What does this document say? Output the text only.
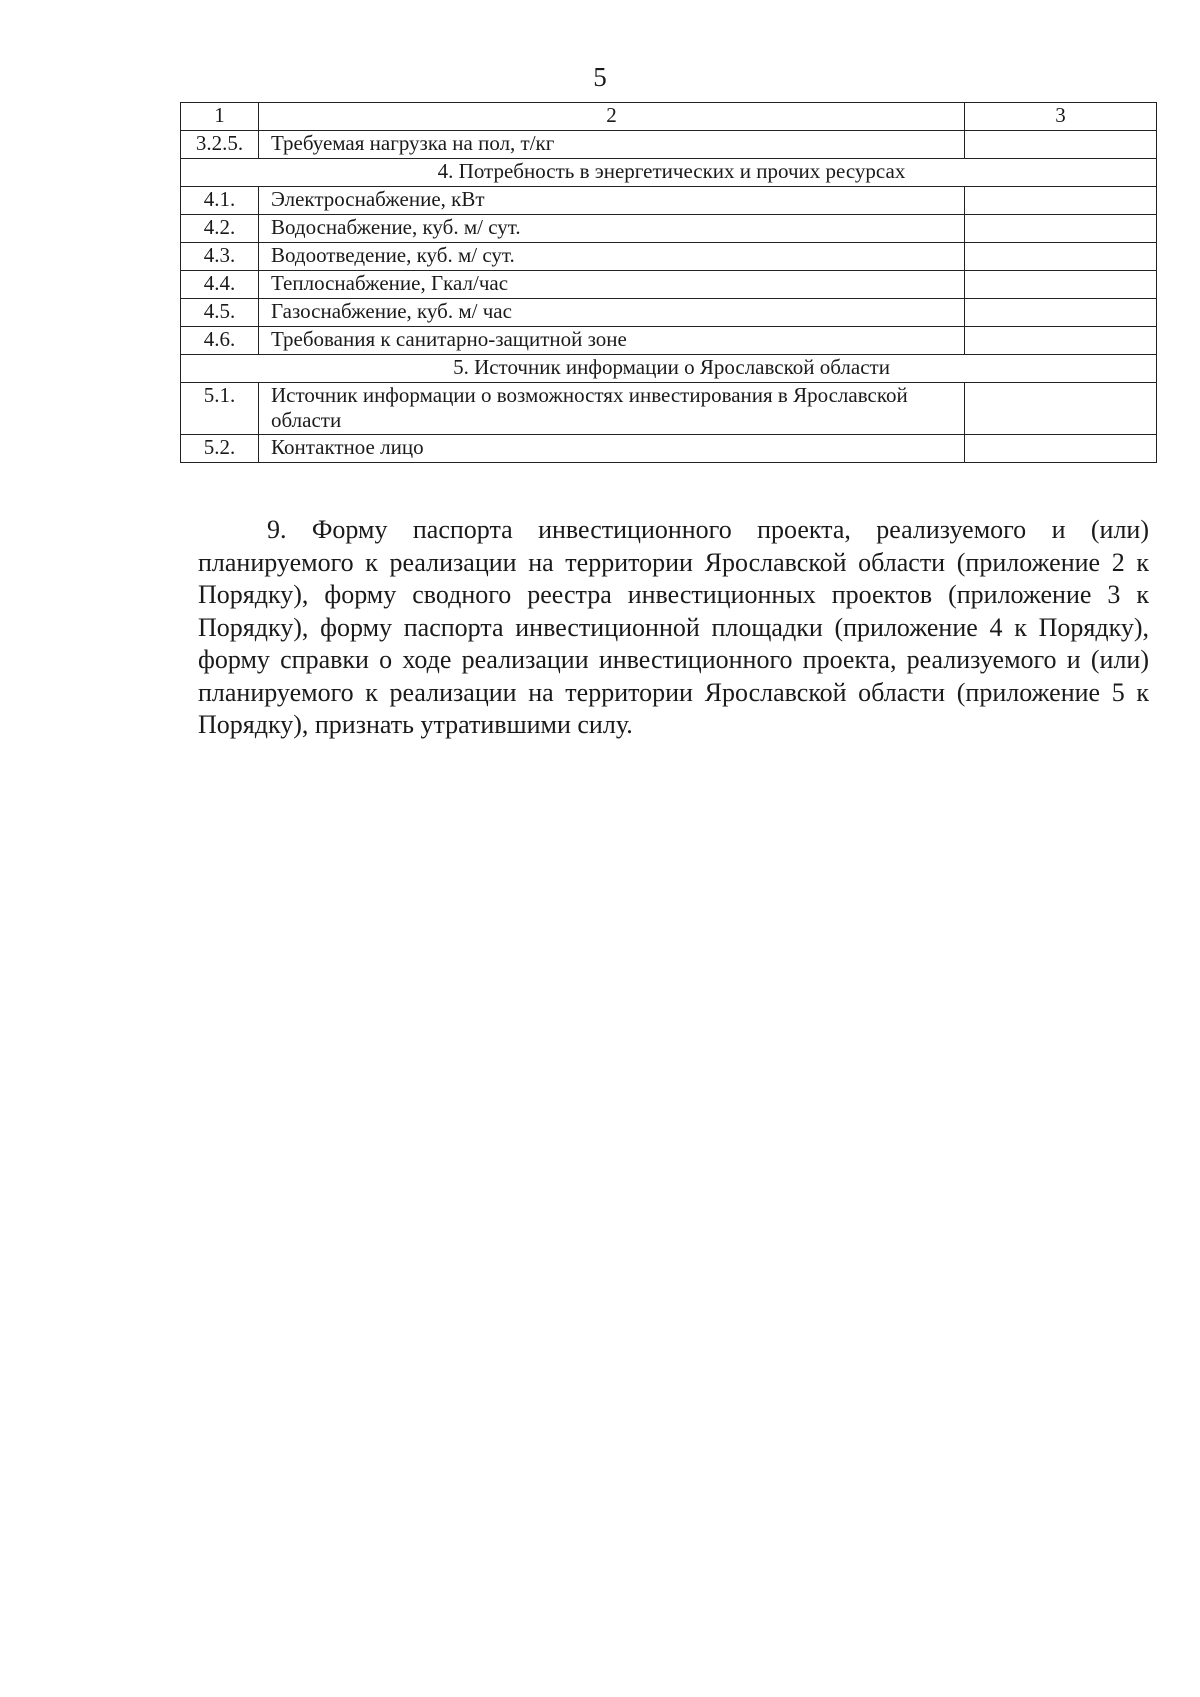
5
1	2	3
3.2.5.	Требуемая нагрузка на пол, т/кг	
4. Потребность в энергетических и прочих ресурсах		
4.1.	Электроснабжение, кВт	
4.2.	Водоснабжение, куб. м/ сут.	
4.3.	Водоотведение, куб. м/ сут.	
4.4.	Теплоснабжение, Гкал/час	
4.5.	Газоснабжение, куб. м/ час	
4.6.	Требования к санитарно-защитной зоне	
5. Источник информации о Ярославской области		
5.1.	Источник информации о возможностях инвестирования в Ярославской области	
5.2.	Контактное лицо	

9. Форму паспорта инвестиционного проекта, реализуемого и (или) планируемого к реализации на территории Ярославской области (приложение 2 к Порядку), форму сводного реестра инвестиционных проектов (приложение 3 к Порядку), форму паспорта инвестиционной площадки (приложение 4 к Порядку), форму справки о ходе реализации инвестиционного проекта, реализуемого и (или) планируемого к реализации на территории Ярославской области (приложение 5 к Порядку), признать утратившими силу.
